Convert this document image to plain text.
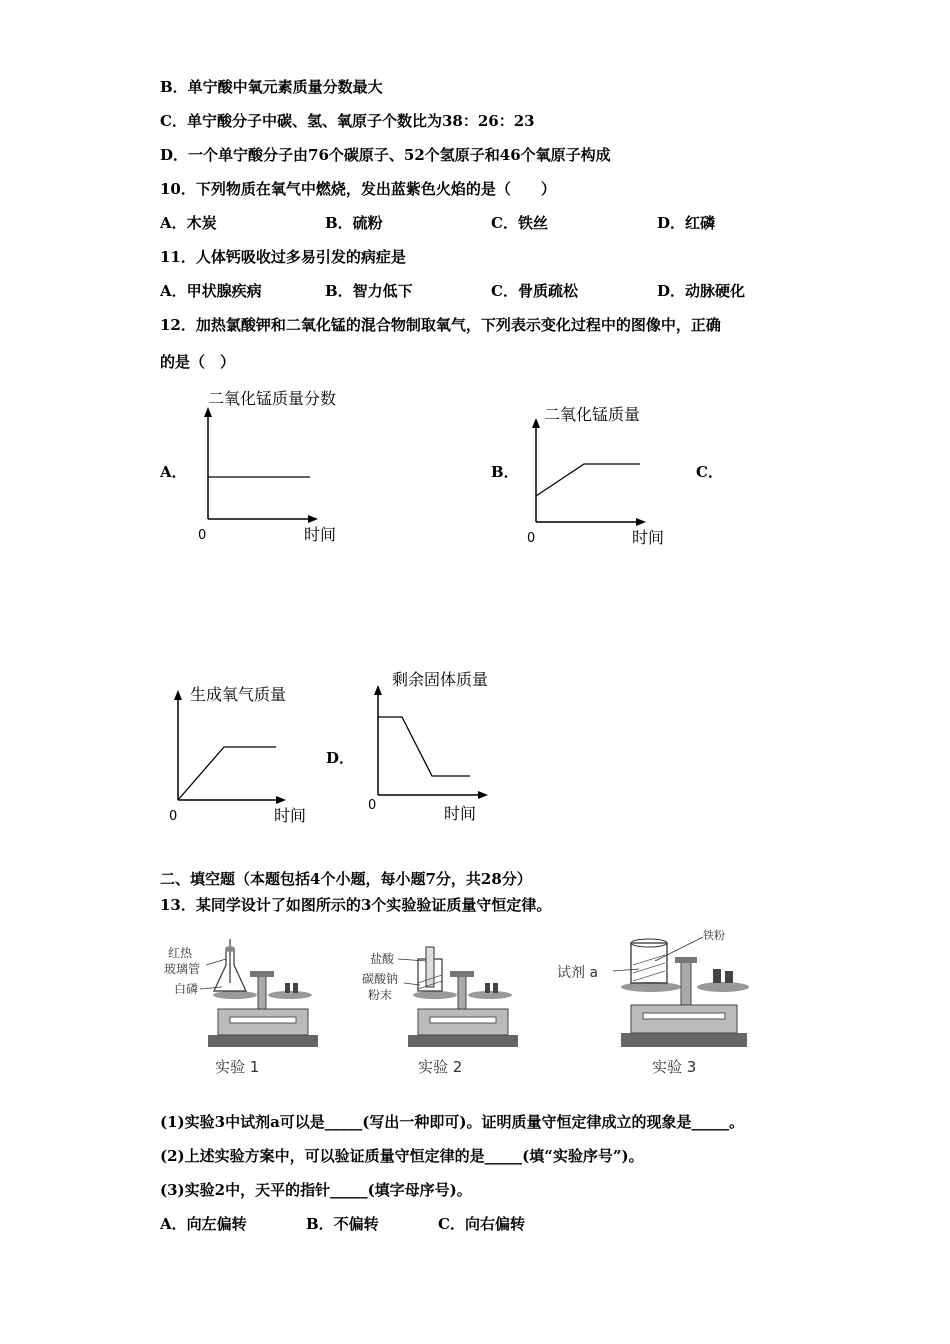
B．单宁酸中氧元素质量分数最大
C．单宁酸分子中碳、氢、氧原子个数比为38：26：23
D．一个单宁酸分子由76个碳原子、52个氢原子和46个氧原子构成
10．下列物质在氧气中燃烧，发出蓝紫色火焰的是（　　）
A．木炭	B．硫粉	C．铁丝	D．红磷
11．人体钙吸收过多易引发的病症是
A．甲状腺疾病	B．智力低下	C．骨质疏松	D．动脉硬化
12．加热氯酸钾和二氧化锰的混合物制取氧气，下列表示变化过程中的图像中，正确
的是（　）
A．	B．	C．
D．
二氧化锰质量分数
0	时间
二氧化锰质量
0	时间
生成氧气质量
0	时间
剩余固体质量
0	时间
二、填空题（本题包括4个小题，每小题7分，共28分）
13．某同学设计了如图所示的3个实验验证质量守恒定律。
红热
玻璃管
白磷
实验 1
盐酸
碳酸钠
粉末
实验 2
试剂 a
铁粉
实验 3
(1)实验3中试剂a可以是_____(写出一种即可)。证明质量守恒定律成立的现象是_____。
(2)上述实验方案中，可以验证质量守恒定律的是_____(填“实验序号”)。
(3)实验2中，天平的指针_____(填字母序号)。
A．向左偏转	B．不偏转	C．向右偏转
